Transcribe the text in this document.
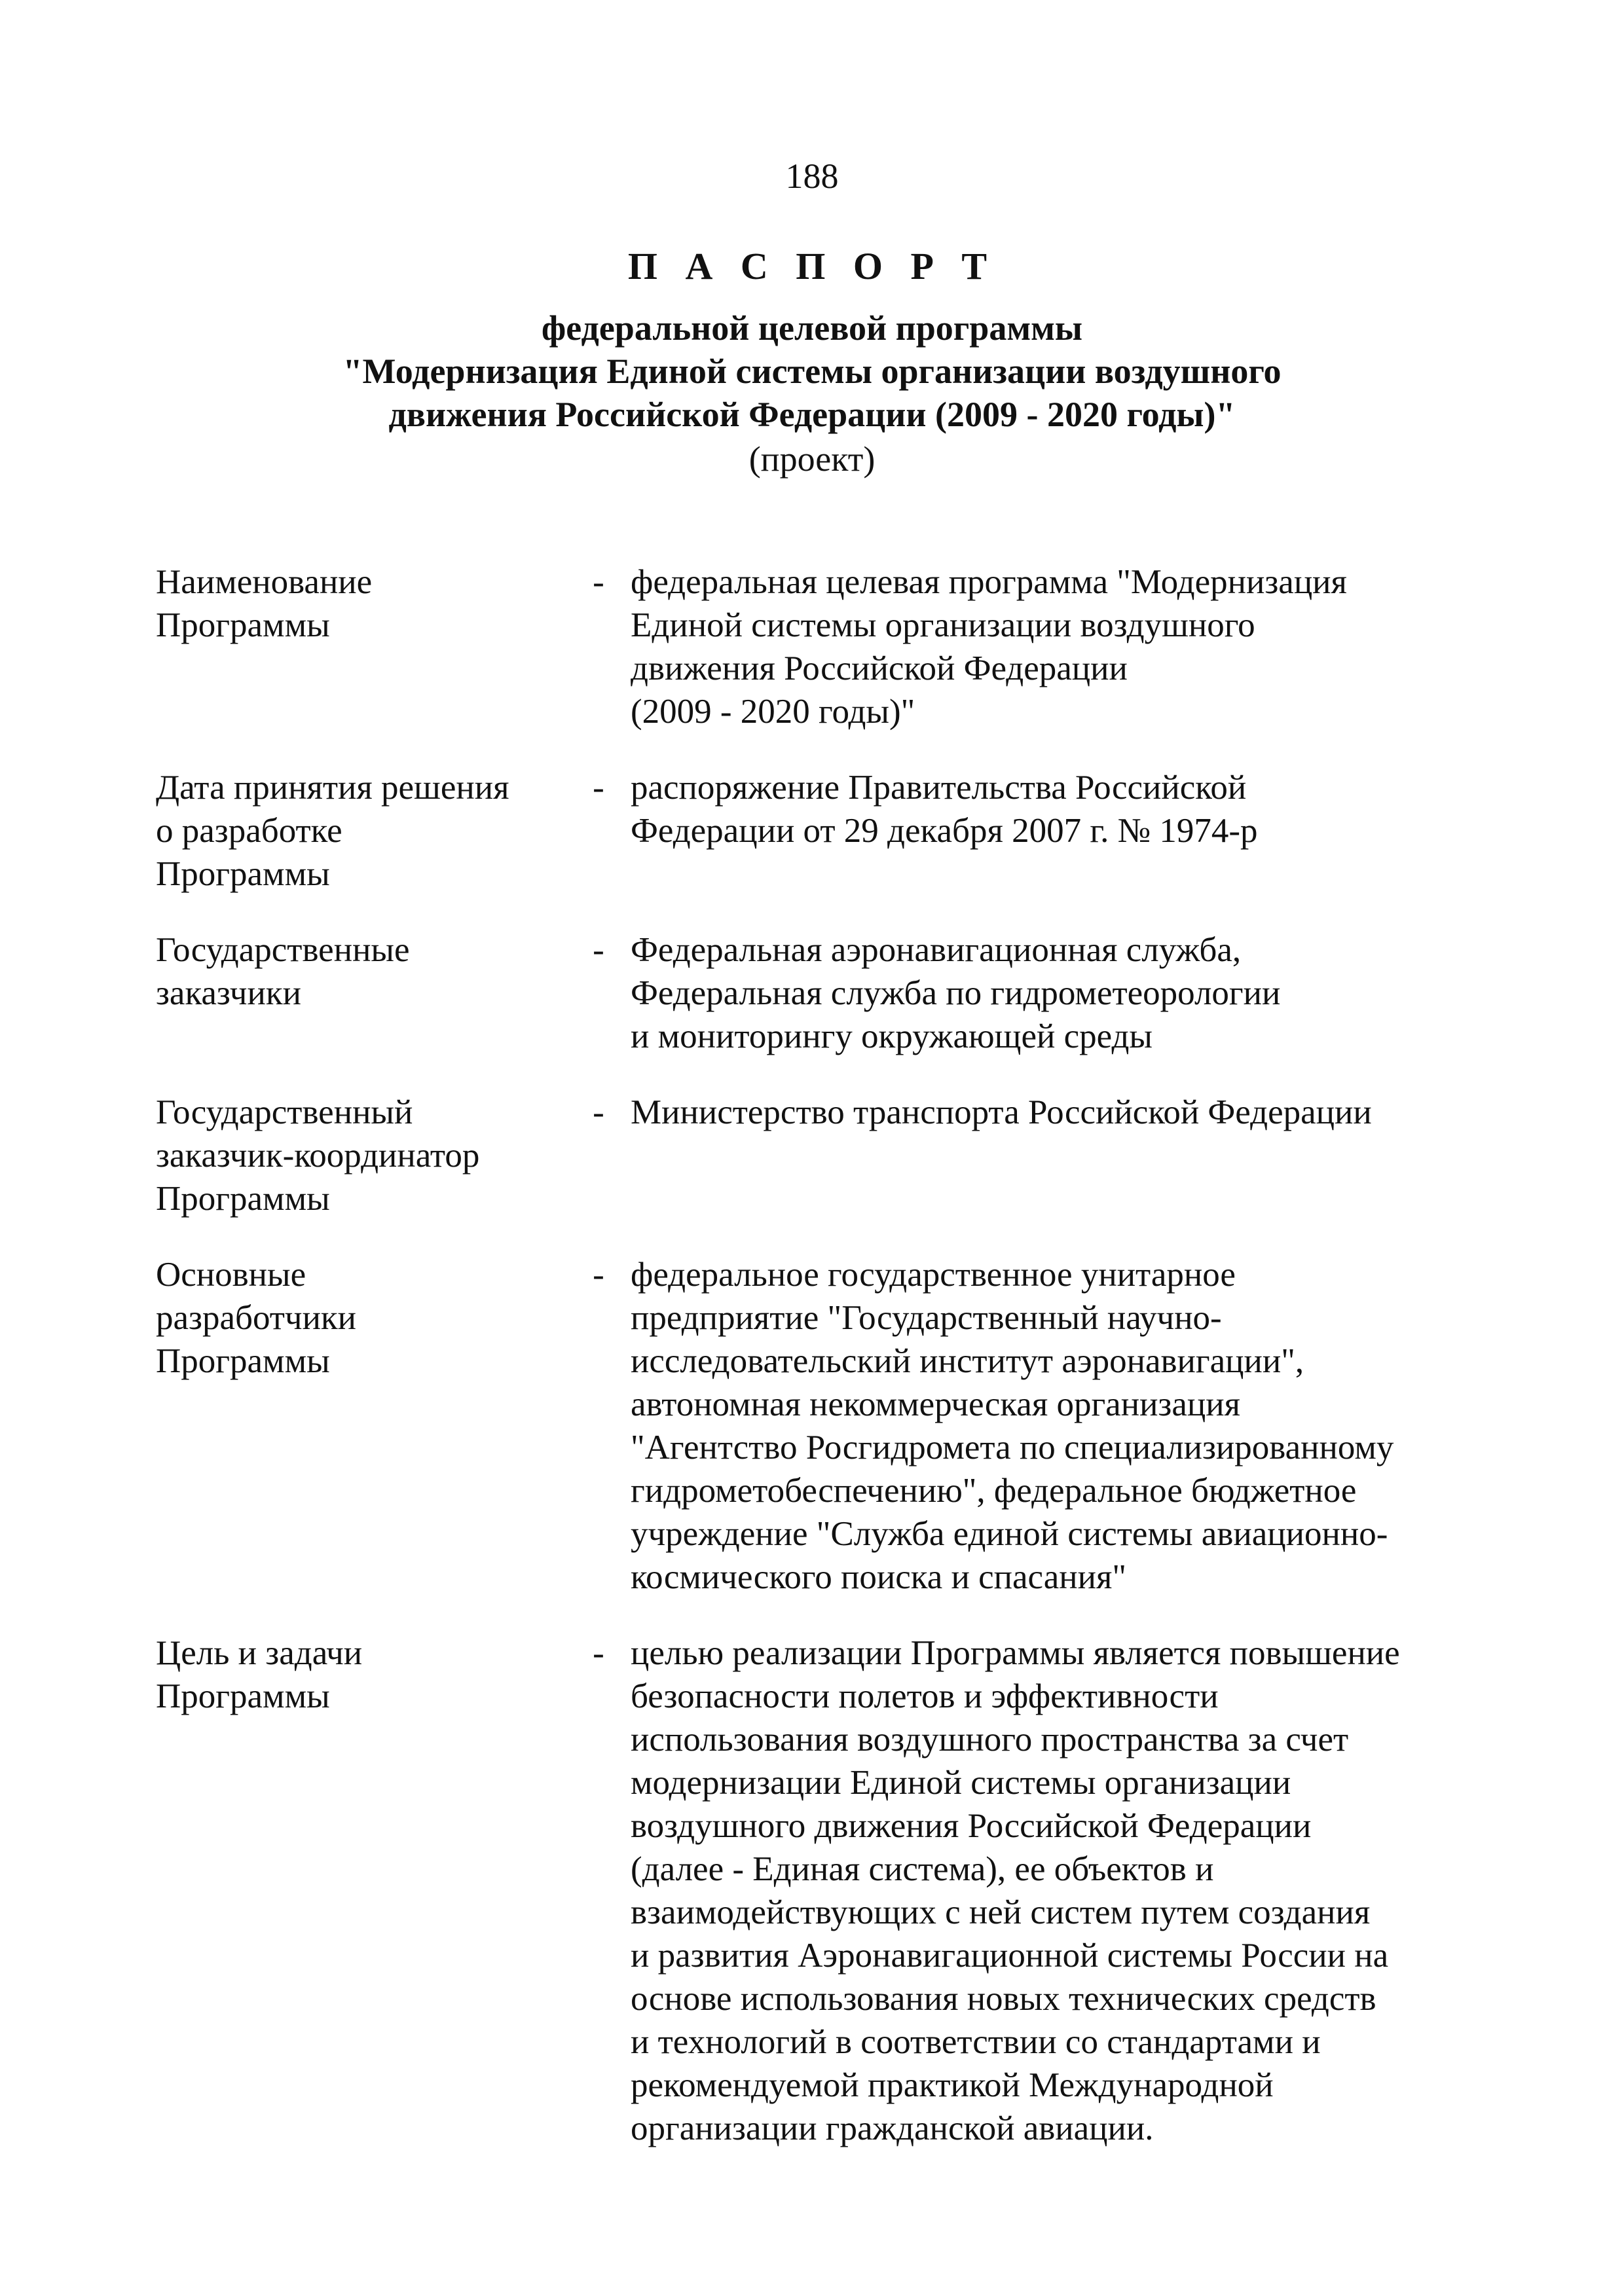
188
П А С П О Р Т
федеральной целевой программы
"Модернизация Единой системы организации воздушного
движения Российской Федерации (2009 - 2020 годы)"
(проект)
Наименование
Программы
- федеральная целевая программа "Модернизация
Единой системы организации воздушного
движения Российской Федерации
(2009 - 2020 годы)"
Дата принятия решения
о разработке
Программы
- распоряжение Правительства Российской
Федерации от 29 декабря 2007 г. № 1974-р
Государственные
заказчики
- Федеральная аэронавигационная служба,
Федеральная служба по гидрометеорологии
и мониторингу окружающей среды
Государственный
заказчик-координатор
Программы
- Министерство транспорта Российской Федерации
Основные
разработчики
Программы
- федеральное государственное унитарное
предприятие "Государственный научно-
исследовательский институт аэронавигации",
автономная некоммерческая организация
"Агентство Росгидромета по специализированному
гидрометобеспечению", федеральное бюджетное
учреждение "Служба единой системы авиационно-
космического поиска и спасания"
Цель и задачи
Программы
- целью реализации Программы является повышение
безопасности полетов и эффективности
использования воздушного пространства за счет
модернизации Единой системы организации
воздушного движения Российской Федерации
(далее - Единая система), ее объектов и
взаимодействующих с ней систем путем создания
и развития Аэронавигационной системы России на
основе использования новых технических средств
и технологий в соответствии со стандартами и
рекомендуемой практикой Международной
организации гражданской авиации.
